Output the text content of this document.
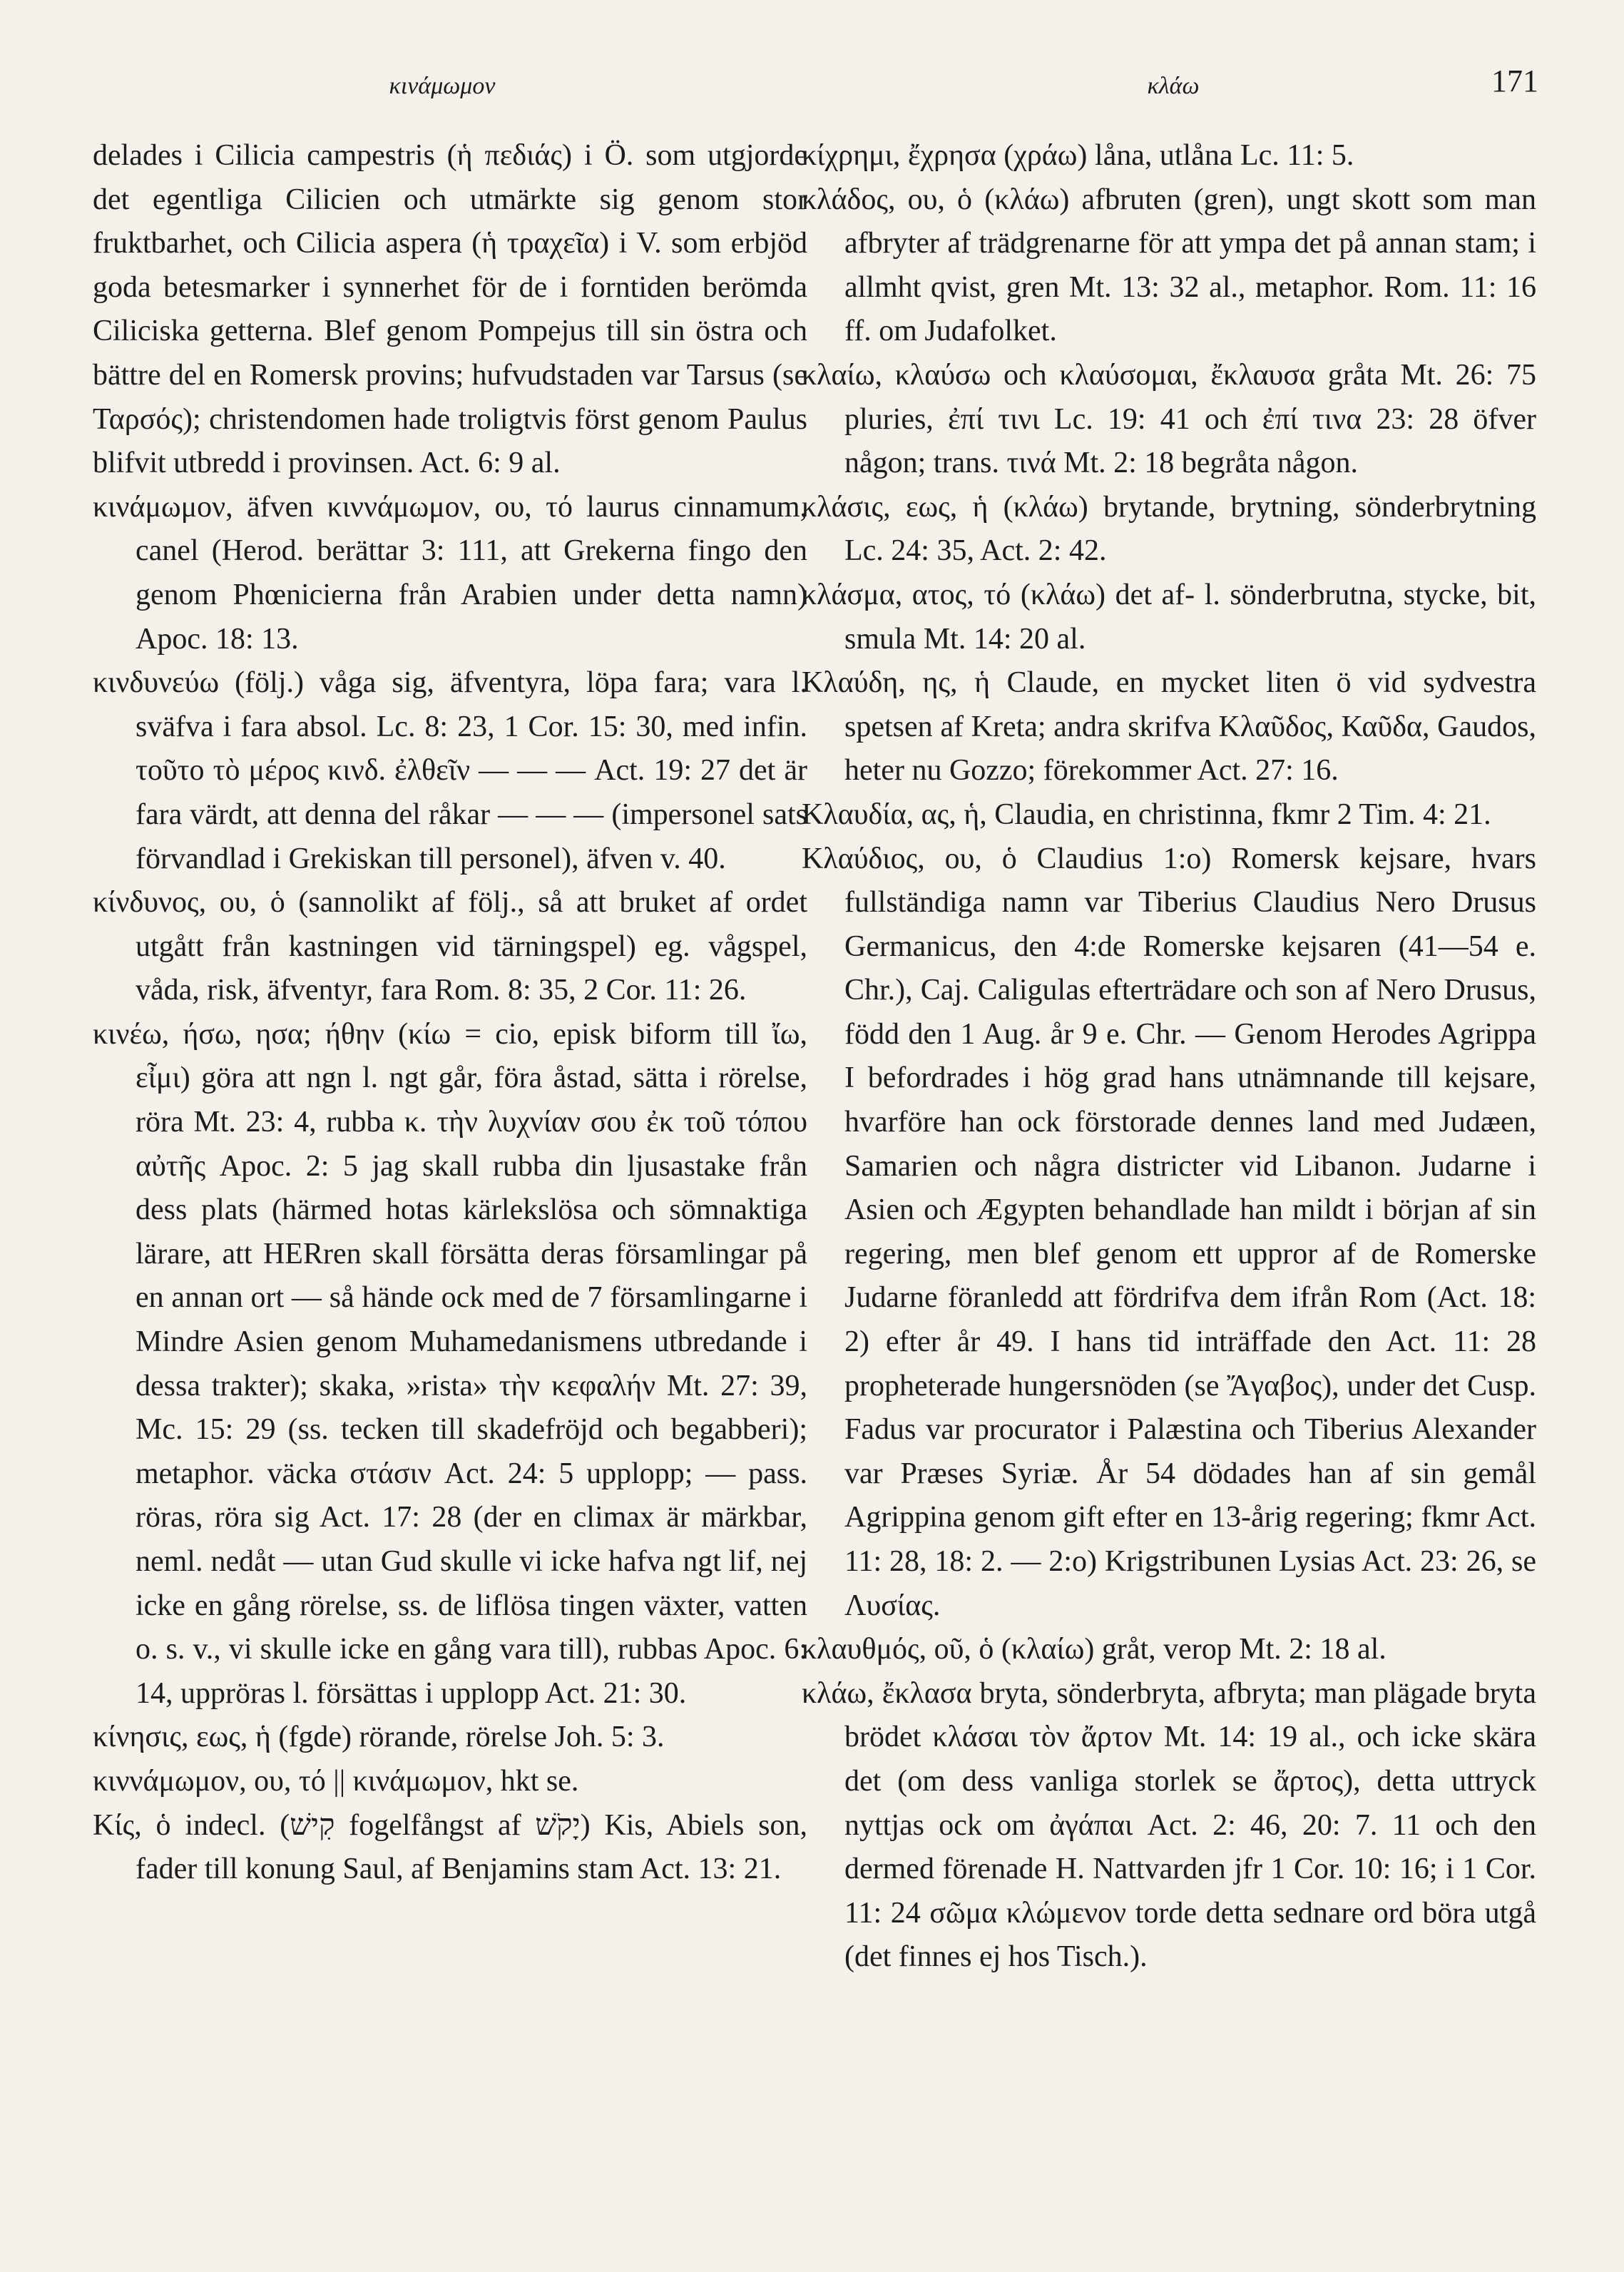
κινάμωμον	κλάω	171

delades i Cilicia campestris (ἡ πεδιάς) i Ö. som utgjorde det egentliga Cilicien och utmärkte sig genom stor fruktbarhet, och Cilicia aspera (ἡ τραχεῖα) i V. som erbjöd goda betesmarker i synnerhet för de i forntiden berömda Ciliciska getterna. Blef genom Pompejus till sin östra och bättre del en Romersk provins; hufvudstaden var Tarsus (se Ταρσός); christendomen hade troligtvis först genom Paulus blifvit utbredd i provinsen. Act. 6: 9 al.

κινάμωμον, äfven κιννάμωμον, ου, τό laurus cinnamum, canel (Herod. berättar 3: 111, att Grekerna fingo den genom Phœnicierna från Arabien under detta namn) Apoc. 18: 13.

κινδυνεύω (följ.) våga sig, äfventyra, löpa fara; vara l. sväfva i fara absol. Lc. 8: 23, 1 Cor. 15: 30, med infin. τοῦτο τὸ μέρος κινδ. ἐλθεῖν — — — Act. 19: 27 det är fara värdt, att denna del råkar — — — (impersonel sats förvandlad i Grekiskan till personel), äfven v. 40.

κίνδυνος, ου, ὁ (sannolikt af följ., så att bruket af ordet utgått från kastningen vid tärningspel) eg. vågspel, våda, risk, äfventyr, fara Rom. 8: 35, 2 Cor. 11: 26.

κινέω, ήσω, ησα; ήθην (κίω = cio, episk biform till ἴω, εἶμι) göra att ngn l. ngt går, föra åstad, sätta i rörelse, röra Mt. 23: 4, rubba κ. τὴν λυχνίαν σου ἐκ τοῦ τόπου αὐτῆς Apoc. 2: 5 jag skall rubba din ljusastake från dess plats (härmed hotas kärlekslösa och sömnaktiga lärare, att HERren skall försätta deras församlingar på en annan ort — så hände ock med de 7 församlingarne i Mindre Asien genom Muhamedanismens utbredande i dessa trakter); skaka, »rista» τὴν κεφαλήν Mt. 27: 39, Mc. 15: 29 (ss. tecken till skadefröjd och begabberi); metaphor. väcka στάσιν Act. 24: 5 upplopp; — pass. röras, röra sig Act. 17: 28 (der en climax är märkbar, neml. nedåt — utan Gud skulle vi icke hafva ngt lif, nej icke en gång rörelse, ss. de liflösa tingen växter, vatten o. s. v., vi skulle icke en gång vara till), rubbas Apoc. 6: 14, uppröras l. försättas i upplopp Act. 21: 30.

κίνησις, εως, ἡ (fgde) rörande, rörelse Joh. 5: 3.

κιννάμωμον, ου, τό || κινάμωμον, hkt se.

Κίς, ὁ indecl. (קִישׁ fogelfångst af יָקֹשׁ) Kis, Abiels son, fader till konung Saul, af Benjamins stam Act. 13: 21.

κίχρημι, ἔχρησα (χράω) låna, utlåna Lc. 11: 5.

κλάδος, ου, ὁ (κλάω) afbruten (gren), ungt skott som man afbryter af trädgrenarne för att ympa det på annan stam; i allmht qvist, gren Mt. 13: 32 al., metaphor. Rom. 11: 16 ff. om Judafolket.

κλαίω, κλαύσω och κλαύσομαι, ἔκλαυσα gråta Mt. 26: 75 pluries, ἐπί τινι Lc. 19: 41 och ἐπί τινα 23: 28 öfver någon; trans. τινά Mt. 2: 18 begråta någon.

κλάσις, εως, ἡ (κλάω) brytande, brytning, sönderbrytning Lc. 24: 35, Act. 2: 42.

κλάσμα, ατος, τό (κλάω) det af- l. sönderbrutna, stycke, bit, smula Mt. 14: 20 al.

Κλαύδη, ης, ἡ Claude, en mycket liten ö vid sydvestra spetsen af Kreta; andra skrifva Κλαῦδος, Καῦδα, Gaudos, heter nu Gozzo; förekommer Act. 27: 16.

Κλαυδία, ας, ἡ, Claudia, en christinna, fkmr 2 Tim. 4: 21.

Κλαύδιος, ου, ὁ Claudius 1:o) Romersk kejsare, hvars fullständiga namn var Tiberius Claudius Nero Drusus Germanicus, den 4:de Romerske kejsaren (41—54 e. Chr.), Caj. Caligulas efterträdare och son af Nero Drusus, född den 1 Aug. år 9 e. Chr. — Genom Herodes Agrippa I befordrades i hög grad hans utnämnande till kejsare, hvarföre han ock förstorade dennes land med Judæen, Samarien och några districter vid Libanon. Judarne i Asien och Ægypten behandlade han mildt i början af sin regering, men blef genom ett uppror af de Romerske Judarne föranledd att fördrifva dem ifrån Rom (Act. 18: 2) efter år 49. I hans tid inträffade den Act. 11: 28 propheterade hungersnöden (se Ἄγαβος), under det Cusp. Fadus var procurator i Palæstina och Tiberius Alexander var Præses Syriæ. År 54 dödades han af sin gemål Agrippina genom gift efter en 13-årig regering; fkmr Act. 11: 28, 18: 2. — 2:o) Krigstribunen Lysias Act. 23: 26, se Λυσίας.

κλαυθμός, οῦ, ὁ (κλαίω) gråt, verop Mt. 2: 18 al.

κλάω, ἔκλασα bryta, sönderbryta, afbryta; man plägade bryta brödet κλάσαι τὸν ἄρτον Mt. 14: 19 al., och icke skära det (om dess vanliga storlek se ἄρτος), detta uttryck nyttjas ock om ἀγάπαι Act. 2: 46, 20: 7. 11 och den dermed förenade H. Nattvarden jfr 1 Cor. 10: 16; i 1 Cor. 11: 24 σῶμα κλώμενον torde detta sednare ord böra utgå (det finnes ej hos Tisch.).
